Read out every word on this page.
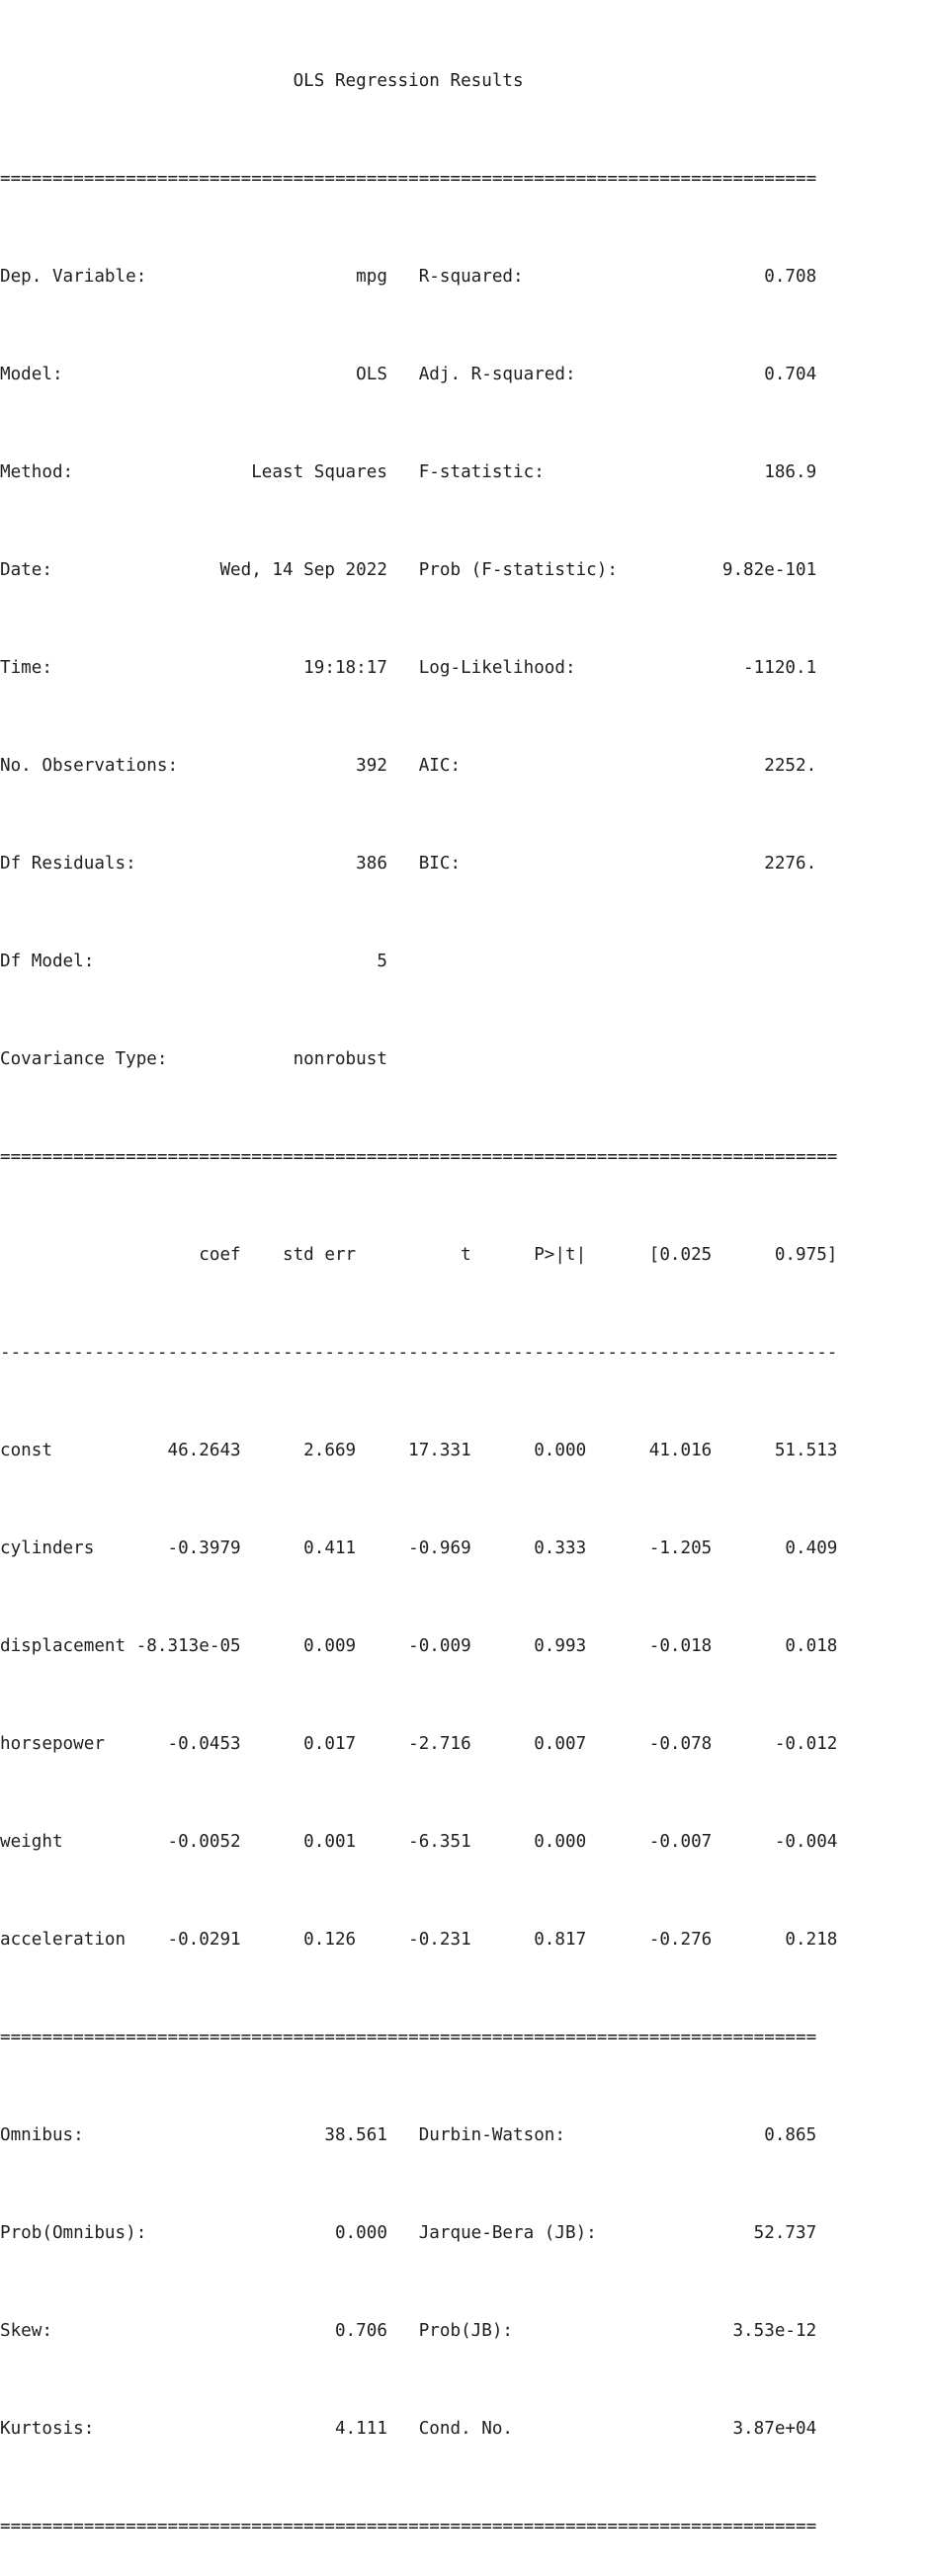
OLS Regression Results

==============================================================================

Dep. Variable:                    mpg   R-squared:                       0.708

Model:                            OLS   Adj. R-squared:                  0.704

Method:                 Least Squares   F-statistic:                     186.9

Date:                Wed, 14 Sep 2022   Prob (F-statistic):          9.82e-101

Time:                        19:18:17   Log-Likelihood:                -1120.1

No. Observations:                 392   AIC:                             2252.

Df Residuals:                     386   BIC:                             2276.

Df Model:                           5

Covariance Type:            nonrobust

================================================================================

coef    std err          t      P>|t|      [0.025      0.975]

--------------------------------------------------------------------------------

const           46.2643      2.669     17.331      0.000      41.016      51.513

cylinders       -0.3979      0.411     -0.969      0.333      -1.205       0.409

displacement -8.313e-05      0.009     -0.009      0.993      -0.018       0.018

horsepower      -0.0453      0.017     -2.716      0.007      -0.078      -0.012

weight          -0.0052      0.001     -6.351      0.000      -0.007      -0.004

acceleration    -0.0291      0.126     -0.231      0.817      -0.276       0.218

==============================================================================

Omnibus:                       38.561   Durbin-Watson:                   0.865

Prob(Omnibus):                  0.000   Jarque-Bera (JB):               52.737

Skew:                           0.706   Prob(JB):                     3.53e-12

Kurtosis:                       4.111   Cond. No.                     3.87e+04

==============================================================================
